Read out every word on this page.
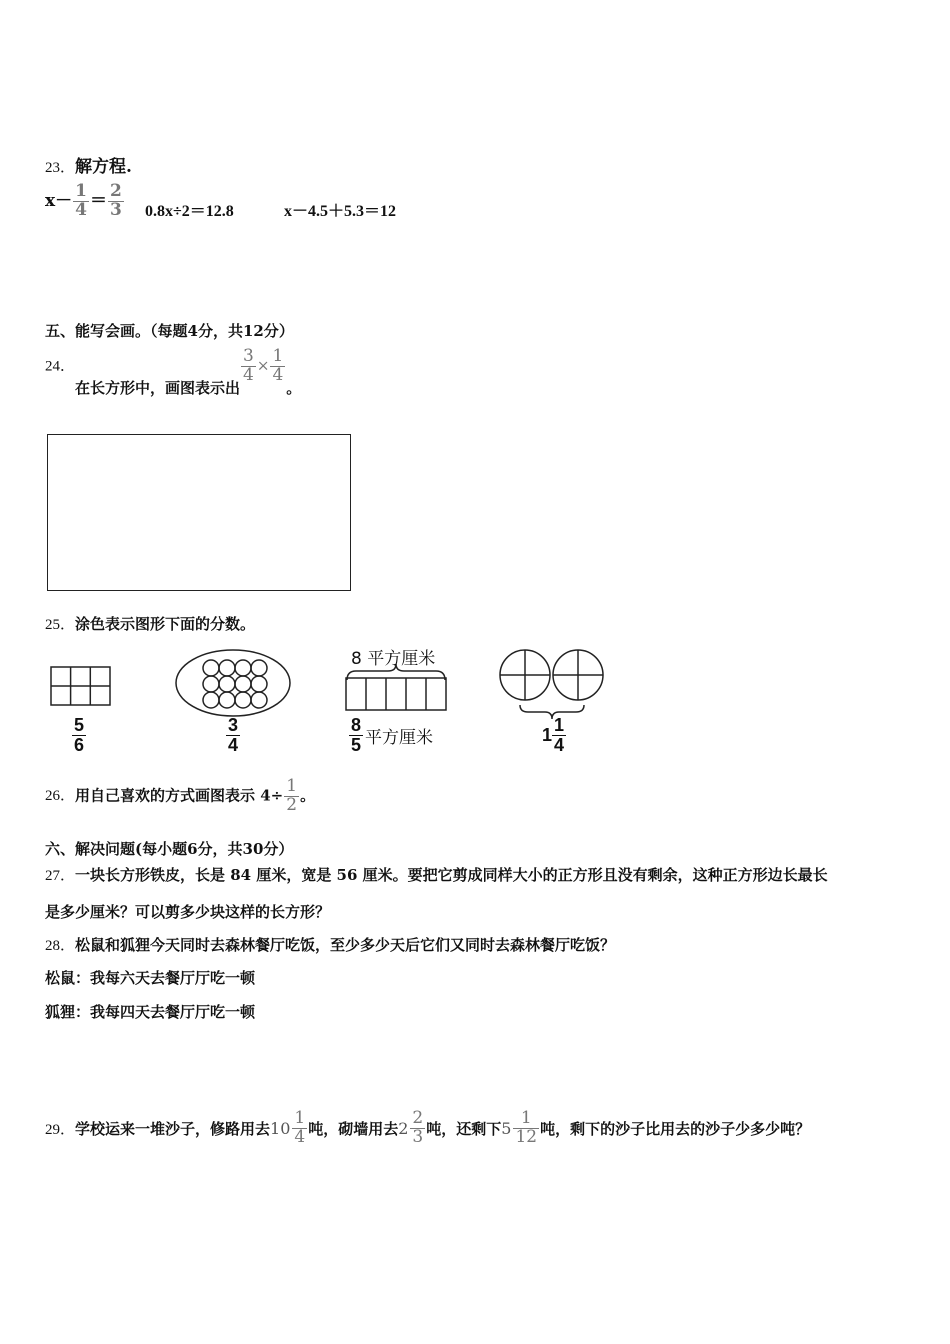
23．解方程.
$x- \frac{1}{4} = \frac{2}{3} 0.8x\div 2=12.8$	x－4.5＋5.3＝12
五、能写会画。（每题4分，共12分）
24．在长方形中，画图表示出
$\frac{3}{4} \times \frac{1}{4}$
。
25．涂色表示图形下面的分数。
8 平方厘米
$\frac{5}{6}$	$\frac{3}{4}$	$\frac{8}{5}$ 平方厘米	$1 \frac{1}{4}$
26．用自己喜欢的方式画图表示 $4\div \frac{1}{2}$ 。
六、解决问题(每小题6分，共30分）
27．一块长方形铁皮，长是 84 厘米，宽是 56 厘米。要把它剪成同样大小的正方形且没有剩余，这种正方形边长最长
是多少厘米？可以剪多少块这样的长方形？
28．松鼠和狐狸今天同时去森林餐厅吃饭，至少多少天后它们又同时去森林餐厅吃饭？
松鼠：我每六天去餐厅厅吃一顿
狐狸：我每四天去餐厅厅吃一顿
29． 学校运来一堆沙子，修路用去 $10 \frac{1}{4}$ 吨，砌墙用去 $2 \frac{2}{3}$ 吨，还剩下 $5 \frac{1}{12}$ 吨，剩下的沙子比用去的沙子少多少吨？
